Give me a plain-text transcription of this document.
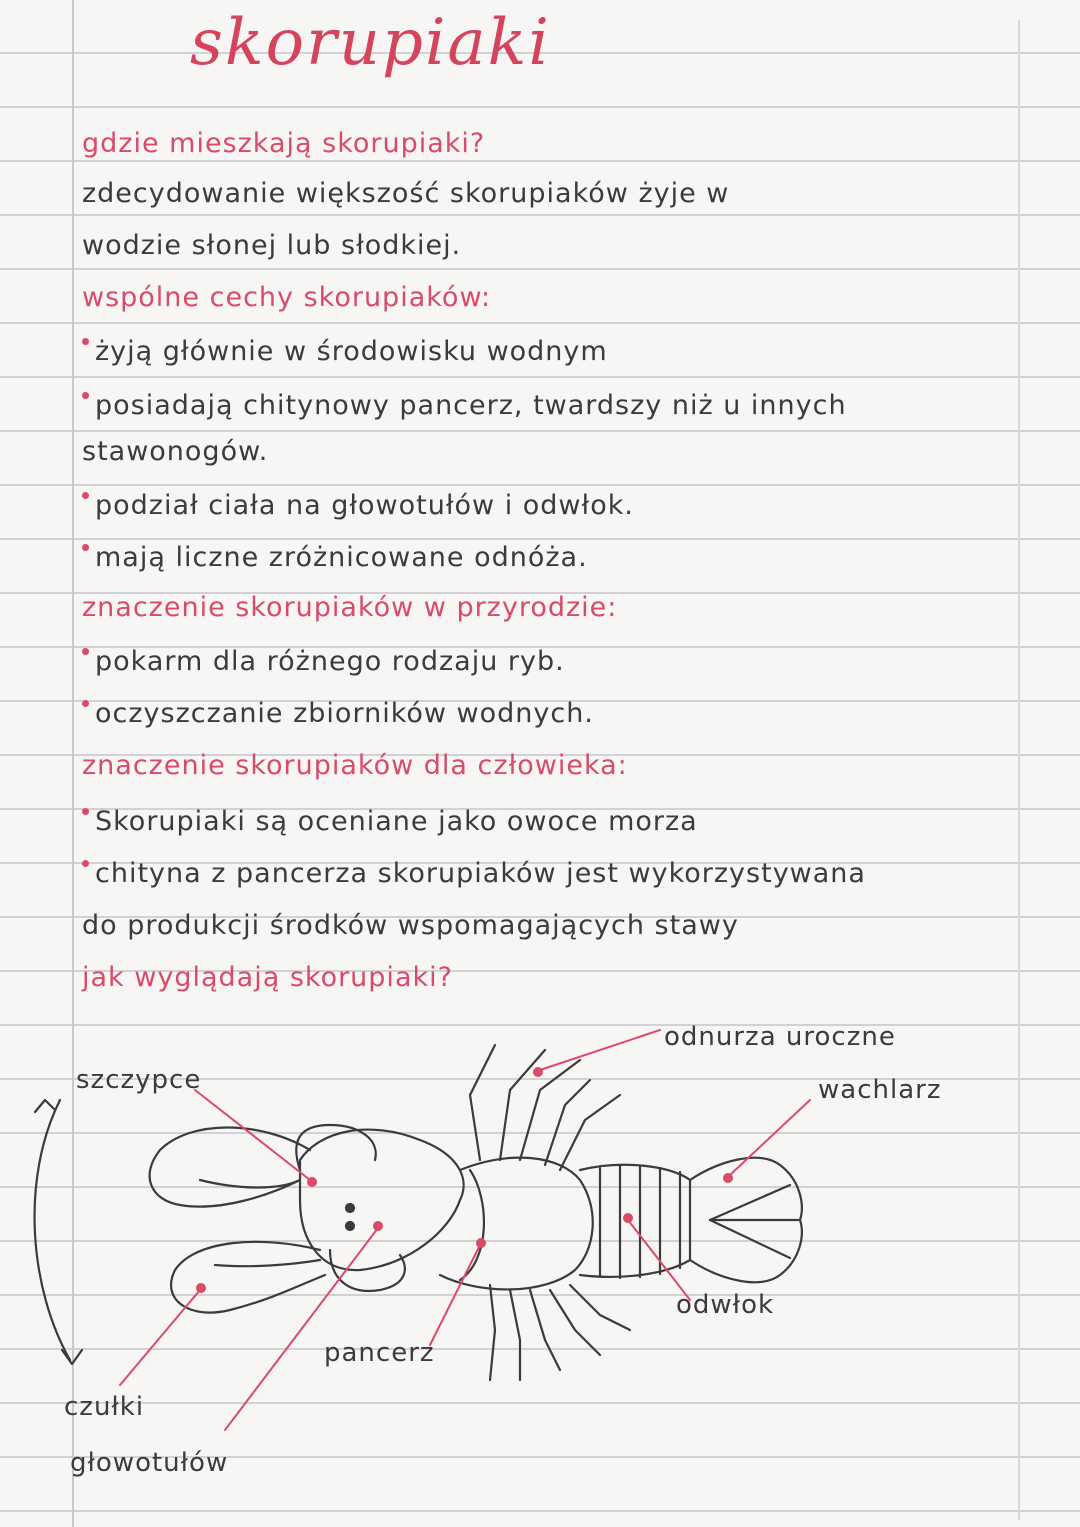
skorupiaki
gdzie mieszkają skorupiaki?
zdecydowanie większość skorupiaków żyje w
wodzie słonej lub słodkiej.
wspólne cechy skorupiaków:
żyją głównie w środowisku wodnym
posiadają chitynowy pancerz, twardszy niż u innych
stawonogów.
podział ciała na głowotułów i odwłok.
mają liczne zróżnicowane odnóża.
znaczenie skorupiaków w przyrodzie:
pokarm dla różnego rodzaju ryb.
oczyszczanie zbiorników wodnych.
znaczenie skorupiaków dla człowieka:
Skorupiaki są oceniane jako owoce morza
chityna z pancerza skorupiaków jest wykorzystywana
do produkcji środków wspomagających stawy
jak wyglądają skorupiaki?
odnurza uroczne
wachlarz
szczypce
odwłok
pancerz
czułki
głowotułów
